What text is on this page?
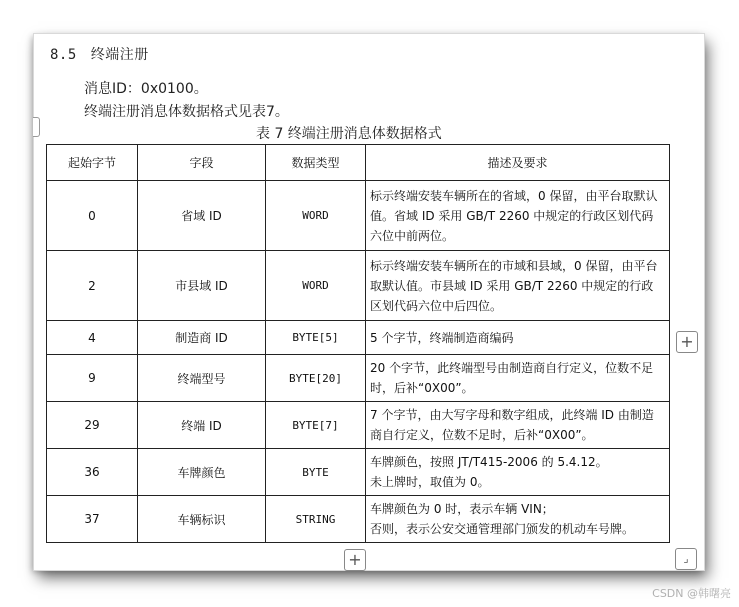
8.5 终端注册
消息ID：0x0100。
终端注册消息体数据格式见表7。
表 7 终端注册消息体数据格式
起始字节	字段	数据类型	描述及要求
0	省域 ID	WORD	标示终端安装车辆所在的省域，0 保留，由平台取默认值。省域 ID 采用 GB/T 2260 中规定的行政区划代码六位中前两位。
2	市县域 ID	WORD	标示终端安装车辆所在的市域和县域，0 保留，由平台取默认值。市县域 ID 采用 GB/T 2260 中规定的行政区划代码六位中后四位。
4	制造商 ID	BYTE[5]	5 个字节，终端制造商编码
9	终端型号	BYTE[20]	20 个字节，此终端型号由制造商自行定义，位数不足时，后补“0X00”。
29	终端 ID	BYTE[7]	7 个字节，由大写字母和数字组成，此终端 ID 由制造商自行定义，位数不足时，后补“0X00”。
36	车牌颜色	BYTE	车牌颜色，按照 JT/T415-2006 的 5.4.12。
未上牌时，取值为 0。

37	车辆标识	STRING	车牌颜色为 0 时，表示车辆 VIN；
否则，表示公安交通管理部门颁发的机动车号牌。
+
+	⌟
CSDN @韩曙亮
